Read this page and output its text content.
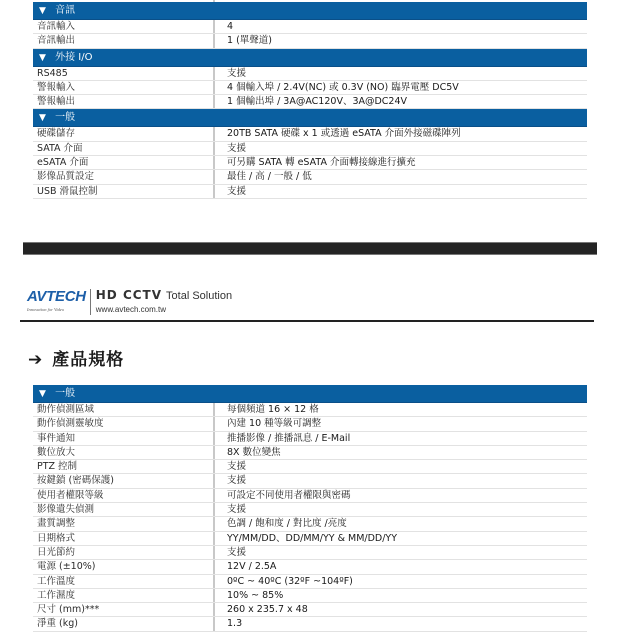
▼ 音訊
音訊輸入	4
音訊輸出	1 (單聲道)
▼ 外接 I/O
RS485	支援
警報輸入	4 個輸入埠 / 2.4V(NC) 或 0.3V (NO) 臨界電壓 DC5V
警報輸出	1 個輸出埠 / 3A@AC120V、3A@DC24V
▼ 一般
硬碟儲存	20TB SATA 硬碟 x 1 或透過 eSATA 介面外接磁碟陣列
SATA 介面	支援
eSATA 介面	可另購 SATA 轉 eSATA 介面轉接線進行擴充
影像品質設定	最佳 / 高 / 一般 / 低
USB 滑鼠控制	支援
AVTECH
Innovation for Video
HD CCTV Total Solution
www.avtech.com.tw
➔ 產品規格
▼ 一般
動作偵測區域	每個頻道 16 × 12 格
動作偵測靈敏度	內建 10 種等級可調整
事件通知	推播影像 / 推播訊息 / E-Mail
數位放大	8X 數位變焦
PTZ 控制	支援
按鍵鎖 (密碼保護)	支援
使用者權限等級	可設定不同使用者權限與密碼
影像遺失偵測	支援
畫質調整	色調 / 飽和度 / 對比度 /亮度
日期格式	YY/MM/DD、DD/MM/YY & MM/DD/YY
日光節約	支援
電源 (±10%)	12V / 2.5A
工作溫度	0ºC ~ 40ºC (32ºF ~104ºF)
工作濕度	10% ~ 85%
尺寸 (mm)***	260 x 235.7 x 48
淨重 (kg)	1.3
